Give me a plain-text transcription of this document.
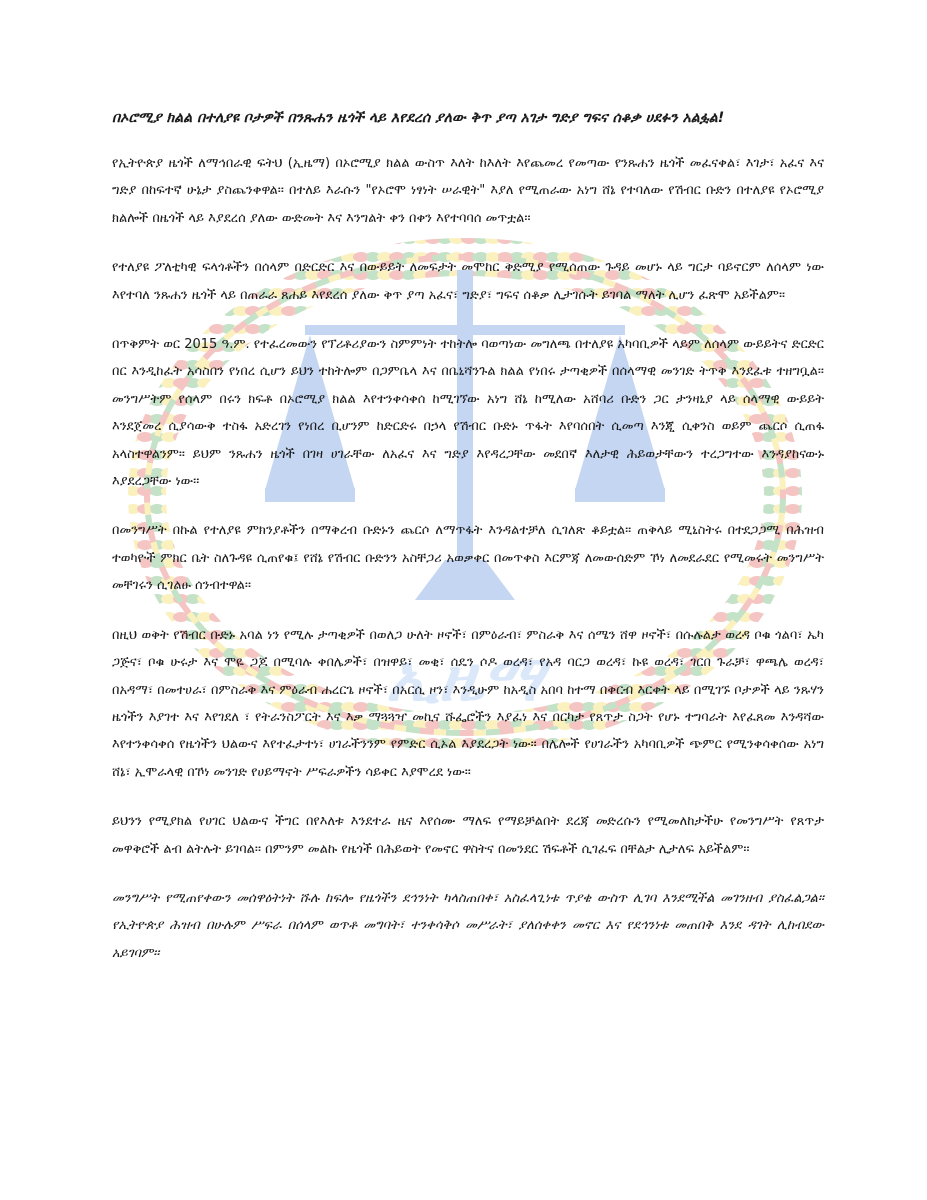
ኢዜማ
በኦሮሚያ ክልል በተለያዩ ቦታዎች በንጹሐን ዜጎች ላይ እየደረሰ ያለው ቅጥ ያጣ አገታ ግድያ ግፍና ሰቆቃ ሀደፉን አልፏል!

የኢትዮጵያ ዜጎች ለማኅበራዊ ፍትህ (ኢዜማ) በኦሮሚያ ክልል ውስጥ እለት ከእለት እየጨመረ የመጣው የንጹሐን ዜጎች መፈናቀል፣ እገታ፣ አፈና እና ግድያ በከፍተኛ ሁኔታ ያስጨንቀዋል፡፡ በተለይ እራሱን "የኦሮሞ ነፃነት ሠራዊት" እያለ የሚጠራው አነግ ሸኔ የተባለው የሽብር ቡድን በተለያዩ የኦሮሚያ ክልሎች በዜጎች ላይ እያደረሰ ያለው ውድመት እና እንግልት ቀን በቀን እየተባባሰ መጥቷል፡፡

የተለያዩ ፖለቲካዊ ፍላጎቶችን በሰላም በድርድር እና በውይይት ለመፍታት መሞከር ቅድሚያ የሚሰጠው ጉዳይ መሆኑ ላይ ግርታ ባይኖርም ለሰላም ነው እየተባለ ንጹሐን ዜጎች ላይ በጠራራ ጸሐይ እየደረሰ ያለው ቅጥ ያጣ አፈና፣ ግድያ፣ ግፍና ሰቆቃ ሊታገሱት ይገባል ማለት ሊሆን ፈጽሞ አይችልም፡፡

በጥቅምት ወር 2015 ዓ.ም. የተፈረመውን የፕሪቶሪያውን ስምምነት ተከትሎ ባወጣነው መግለጫ በተለያዩ አካባቢዎች ላይም ለሰላም ውይይትና ድርድር በር እንዲከፈት አሳስበን የነበረ ሲሆን ይህን ተከትሎም በጋምቤላ እና በቤኒሻንጉል ክልል የነበሩ ታጣቂዎች በሰላማዊ መንገድ ትጥቅ እንደፈቱ ተዘግቧል፡፡ መንግሥትም የሰላም በሩን ክፍቶ በኦሮሚያ ክልል እየተንቀሳቀሰ ከሚገኘው አነግ ሸኔ ከሚለው አሸባሪ ቡድን ጋር ታንዛኒያ ላይ ሰላማዊ ውይይት እንደጀመረ ሲያሳውቅ ተስፋ አድረገን የነበረ ቢሆንም ከድርድሩ በኃላ የሽብር ቡድኑ ጥፋት እየባሰበት ሲመጣ እንጂ ሲቀንስ ወይም ጨርሶ ሲጠፋ አላስተዋልንም፡፡ ይህም ንጹሐን ዜጎች በገዛ ሀገራቸው ለአፈና እና ግድያ እየዳረጋቸው መደበኛ እለታዊ ሕይወታቸውን ተረጋግተው እንዳያከናውኑ እያደረጋቸው ነው፡፡

በመንግሥት በኩል የተለያዩ ምክንያቶችን በማቅረብ ቡድኑን ጨርሶ ለማጥፋት እንዳልተቻለ ሲገለጽ ቆይቷል፡፡ ጠቅላይ ሚኒስትሩ በተደጋጋሚ በሕዝብ ተወካዮች ምክር ቤት ስለጉዳዩ ሲጠየቁ፤ የሸኔ የሽብር ቡድንን አስቸጋሪ አወቃቀር በመጥቀስ እርምጃ ለመውሰድም ኾነ ለመደራደር የሚመሩት መንግሥት መቸገሩን ሲገልፁ ሰንብተዋል፡፡

በዚህ ወቅት የሽብር ቡድኑ አባል ነን የሚሉ ታጣቂዎች በወለጋ ሁለት ዞኖች፣ በምዕራብ፣ ምስራቅ እና ሰሜን ሸዋ ዞኖች፣ በሱሉልታ ወረዳ ቦቁ ጎልባ፣ ኤካ ጋጅና፣ ቦቁ ሁሩታ እና ሞዬ ጋጆ በሚባሉ ቀበሌዎች፣ በዝዋይ፣ መቂ፣ ሰዴን ሶዶ ወረዳ፣ የአዳ ባርጋ ወረዳ፣ ኩዩ ወረዳ፣ ገርበ ጉራቻ፣ ዋጫሌ ወረዳ፣ በአዳማ፣ በመተሀራ፣ በምስራቅ እና ምዕራብ ሐረርጌ ዞኖች፣ በአርሲ ዞን፣ እንዲሁም ከአዲስ አበባ ከተማ በቅርብ እርቀት ላይ በሚገኙ ቦታዎች ላይ ንጹሃን ዜጎችን እያገተ እና እየገደለ ፣ የትራንስፖርት እና እቃ ማጓጓዣ መኪና ሹፌሮችን እያፈነ እና በርካታ የጸጥታ ስጋት የሆኑ ተግባራት እየፈጸመ እንዳሻው እየተንቀሳቀሰ የዜጎችን ህልውና እየተፈታተነ፣ ሀገራችንንም የምድር ሲኦል እያደረጋት ነው፡፡ በሌሎች የሀገራችን አካባቢዎች ጭምር የሚንቀሳቀሰው አነግ ሸኔ፣ ኢሞራላዊ በኾነ መንገድ የሀይማኖት ሥፍራዎችን ሳይቀር እያሞረደ ነው።

ይህንን የሚያክል የሀገር ህልውና ችግር በየእለቱ እንደተራ ዜና እየሰሙ ማለፍ የማይቻልበት ደረጃ መድረሱን የሚመለከታችሁ የመንግሥት የጸጥታ መዋቅሮች ልብ ልትሉት ይገባል፡፡ በምንም መልኩ የዜጎች በሕይወት የመኖር ዋስትና በመንደር ሽፍቶች ሲገፈፍ በቸልታ ሊታለፍ አይችልም፡፡

መንግሥት የሚጠየቀውን መሰዋዕትነት ሹሉ ከፍሎ የዜጎችን ደኅንነት ካላስጠበቀ፣ አስፈላጊነቱ ጥያቄ ውስጥ ሊገባ እንደሚችል መገንዘብ ያስፈልጋል፡፡ የኢትዮጵያ ሕዝብ በሁሉም ሥፍራ በሰላም ወጥቶ መግባት፣ ተንቀሳቅሶ መሥራት፣ ያለሰቀቀን መኖር እና የደኅንነቱ መጠበቅ እንደ ዳገት ሊከብደው አይገባም፡፡
